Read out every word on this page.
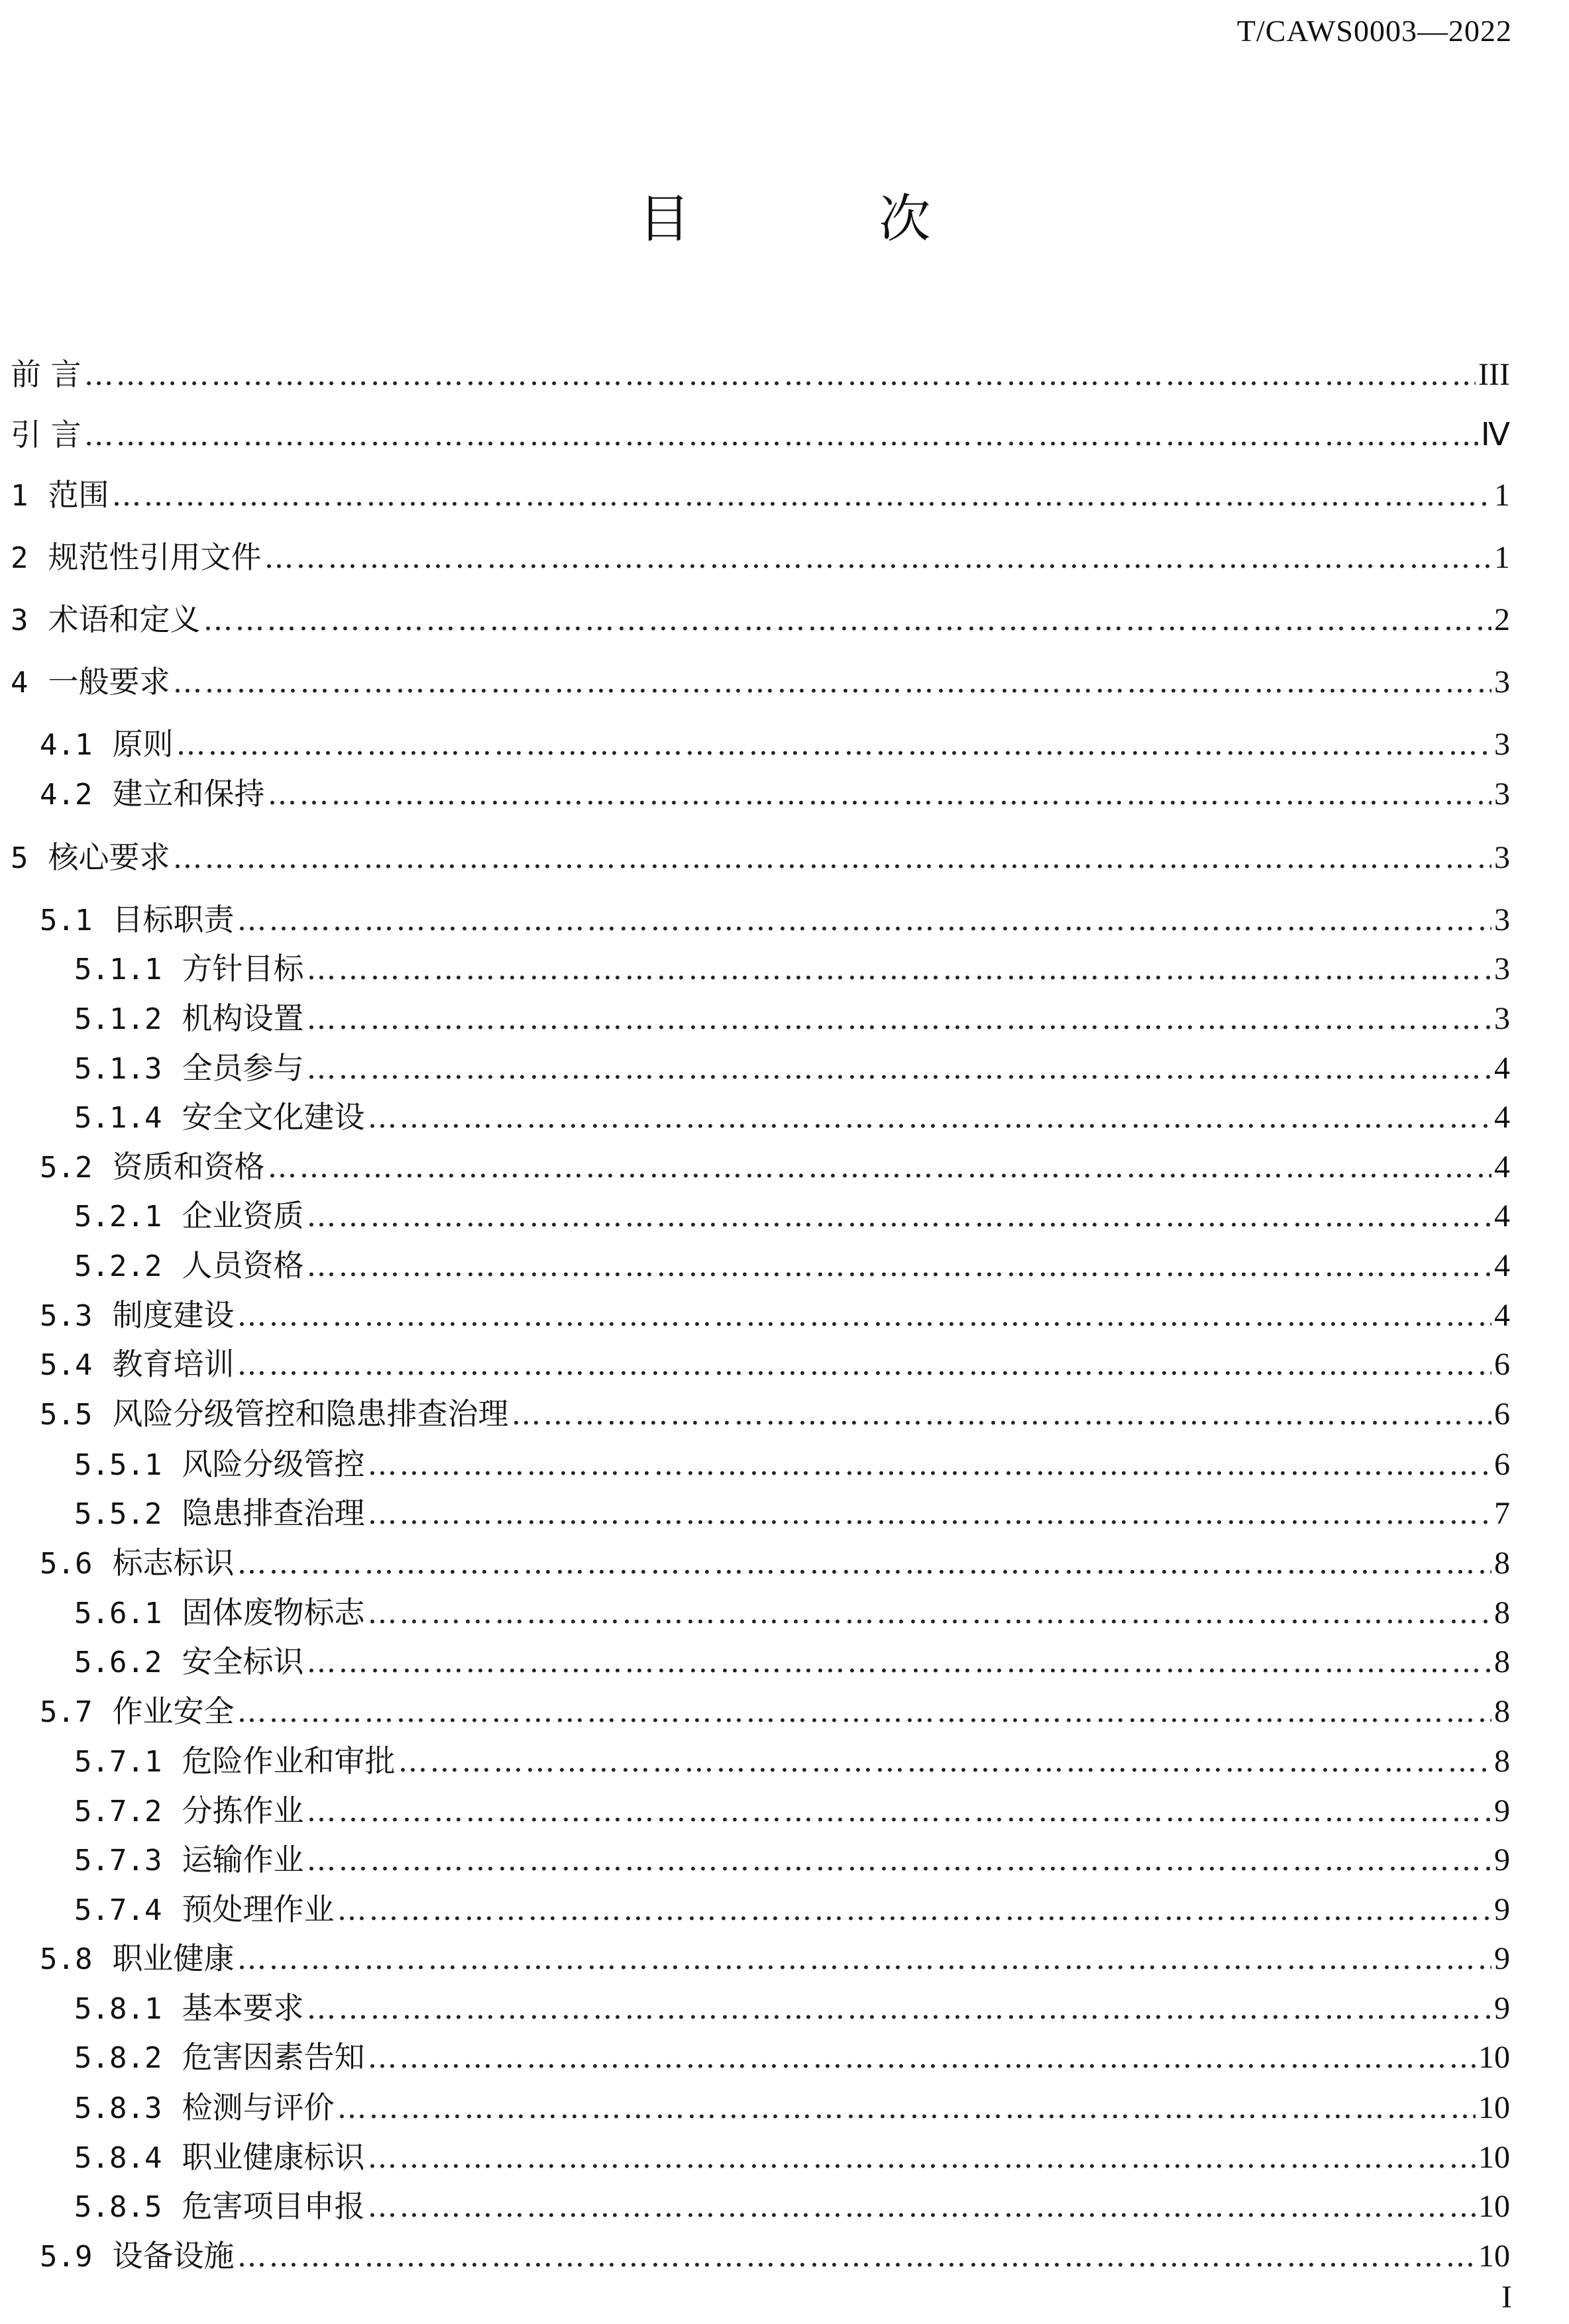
T/CAWS0003—2022
目 次
前 言 ……………………………………………………………………………………………………………………………………………………………………………………………………………………………………………………	III
引 言 ……………………………………………………………………………………………………………………………………………………………………………………………………………………………………………………	Ⅳ
1 范围 ……………………………………………………………………………………………………………………………………………………………………………………………………………………………………………………	1
2 规范性引用文件 ……………………………………………………………………………………………………………………………………………………………………………………………………………………………………………………	1
3 术语和定义 ……………………………………………………………………………………………………………………………………………………………………………………………………………………………………………………	2
4 一般要求 ……………………………………………………………………………………………………………………………………………………………………………………………………………………………………………………	3
4.1 原则 ……………………………………………………………………………………………………………………………………………………………………………………………………………………………………………………	3
4.2 建立和保持 ……………………………………………………………………………………………………………………………………………………………………………………………………………………………………………………	3
5 核心要求 ……………………………………………………………………………………………………………………………………………………………………………………………………………………………………………………	3
5.1 目标职责 ……………………………………………………………………………………………………………………………………………………………………………………………………………………………………………………	3
5.1.1 方针目标 ……………………………………………………………………………………………………………………………………………………………………………………………………………………………………………………	3
5.1.2 机构设置 ……………………………………………………………………………………………………………………………………………………………………………………………………………………………………………………	3
5.1.3 全员参与 ……………………………………………………………………………………………………………………………………………………………………………………………………………………………………………………	4
5.1.4 安全文化建设 ……………………………………………………………………………………………………………………………………………………………………………………………………………………………………………………	4
5.2 资质和资格 ……………………………………………………………………………………………………………………………………………………………………………………………………………………………………………………	4
5.2.1 企业资质 ……………………………………………………………………………………………………………………………………………………………………………………………………………………………………………………	4
5.2.2 人员资格 ……………………………………………………………………………………………………………………………………………………………………………………………………………………………………………………	4
5.3 制度建设 ……………………………………………………………………………………………………………………………………………………………………………………………………………………………………………………	4
5.4 教育培训 ……………………………………………………………………………………………………………………………………………………………………………………………………………………………………………………	6
5.5 风险分级管控和隐患排查治理 ……………………………………………………………………………………………………………………………………………………………………………………………………………………………………………………	6
5.5.1 风险分级管控 ……………………………………………………………………………………………………………………………………………………………………………………………………………………………………………………	6
5.5.2 隐患排查治理 ……………………………………………………………………………………………………………………………………………………………………………………………………………………………………………………	7
5.6 标志标识 ……………………………………………………………………………………………………………………………………………………………………………………………………………………………………………………	8
5.6.1 固体废物标志 ……………………………………………………………………………………………………………………………………………………………………………………………………………………………………………………	8
5.6.2 安全标识 ……………………………………………………………………………………………………………………………………………………………………………………………………………………………………………………	8
5.7 作业安全 ……………………………………………………………………………………………………………………………………………………………………………………………………………………………………………………	8
5.7.1 危险作业和审批 ……………………………………………………………………………………………………………………………………………………………………………………………………………………………………………………	8
5.7.2 分拣作业 ……………………………………………………………………………………………………………………………………………………………………………………………………………………………………………………	9
5.7.3 运输作业 ……………………………………………………………………………………………………………………………………………………………………………………………………………………………………………………	9
5.7.4 预处理作业 ……………………………………………………………………………………………………………………………………………………………………………………………………………………………………………………	9
5.8 职业健康 ……………………………………………………………………………………………………………………………………………………………………………………………………………………………………………………	9
5.8.1 基本要求 ……………………………………………………………………………………………………………………………………………………………………………………………………………………………………………………	9
5.8.2 危害因素告知 ……………………………………………………………………………………………………………………………………………………………………………………………………………………………………………………	10
5.8.3 检测与评价 ……………………………………………………………………………………………………………………………………………………………………………………………………………………………………………………	10
5.8.4 职业健康标识 ……………………………………………………………………………………………………………………………………………………………………………………………………………………………………………………	10
5.8.5 危害项目申报 ……………………………………………………………………………………………………………………………………………………………………………………………………………………………………………………	10
5.9 设备设施 ……………………………………………………………………………………………………………………………………………………………………………………………………………………………………………………	10
I
